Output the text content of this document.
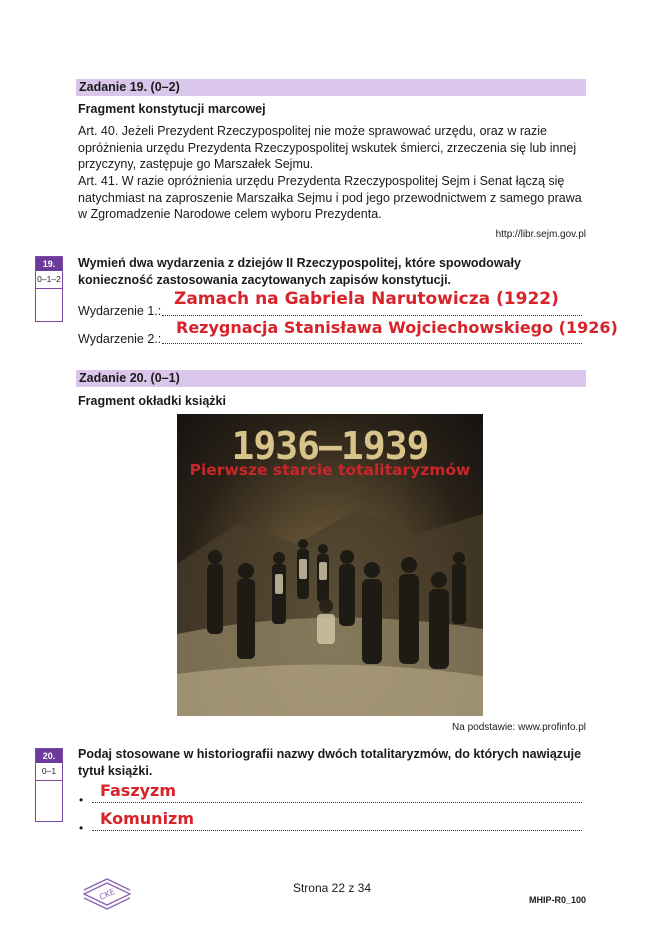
Zadanie 19. (0–2)
Fragment konstytucji marcowej
Art. 40. Jeżeli Prezydent Rzeczypospolitej nie może sprawować urzędu, oraz w razie
opróżnienia urzędu Prezydenta Rzeczypospolitej wskutek śmierci, zrzeczenia się lub innej
przyczyny, zastępuje go Marszałek Sejmu.
Art. 41. W razie opróżnienia urzędu Prezydenta Rzeczypospolitej Sejm i Senat łączą się
natychmiast na zaproszenie Marszałka Sejmu i pod jego przewodnictwem z samego prawa
w Zgromadzenie Narodowe celem wyboru Prezydenta.
http://libr.sejm.gov.pl
19.
0–1–2
Wymień dwa wydarzenia z dziejów II Rzeczypospolitej, które spowodowały
konieczność zastosowania zacytowanych zapisów konstytucji.
Wydarzenie 1.:
Zamach na Gabriela Narutowicza (1922)
Wydarzenie 2.:
Rezygnacja Stanisława Wojciechowskiego (1926)
Zadanie 20. (0–1)
Fragment okładki książki
1936–1939
Pierwsze starcie totalitaryzmów
Na podstawie: www.profinfo.pl
20.
0–1
Podaj stosowane w historiografii nazwy dwóch totalitaryzmów, do których nawiązuje
tytuł książki.
• Faszyzm
• Komunizm
CKE	Strona 22 z 34
MHIP-R0_100
